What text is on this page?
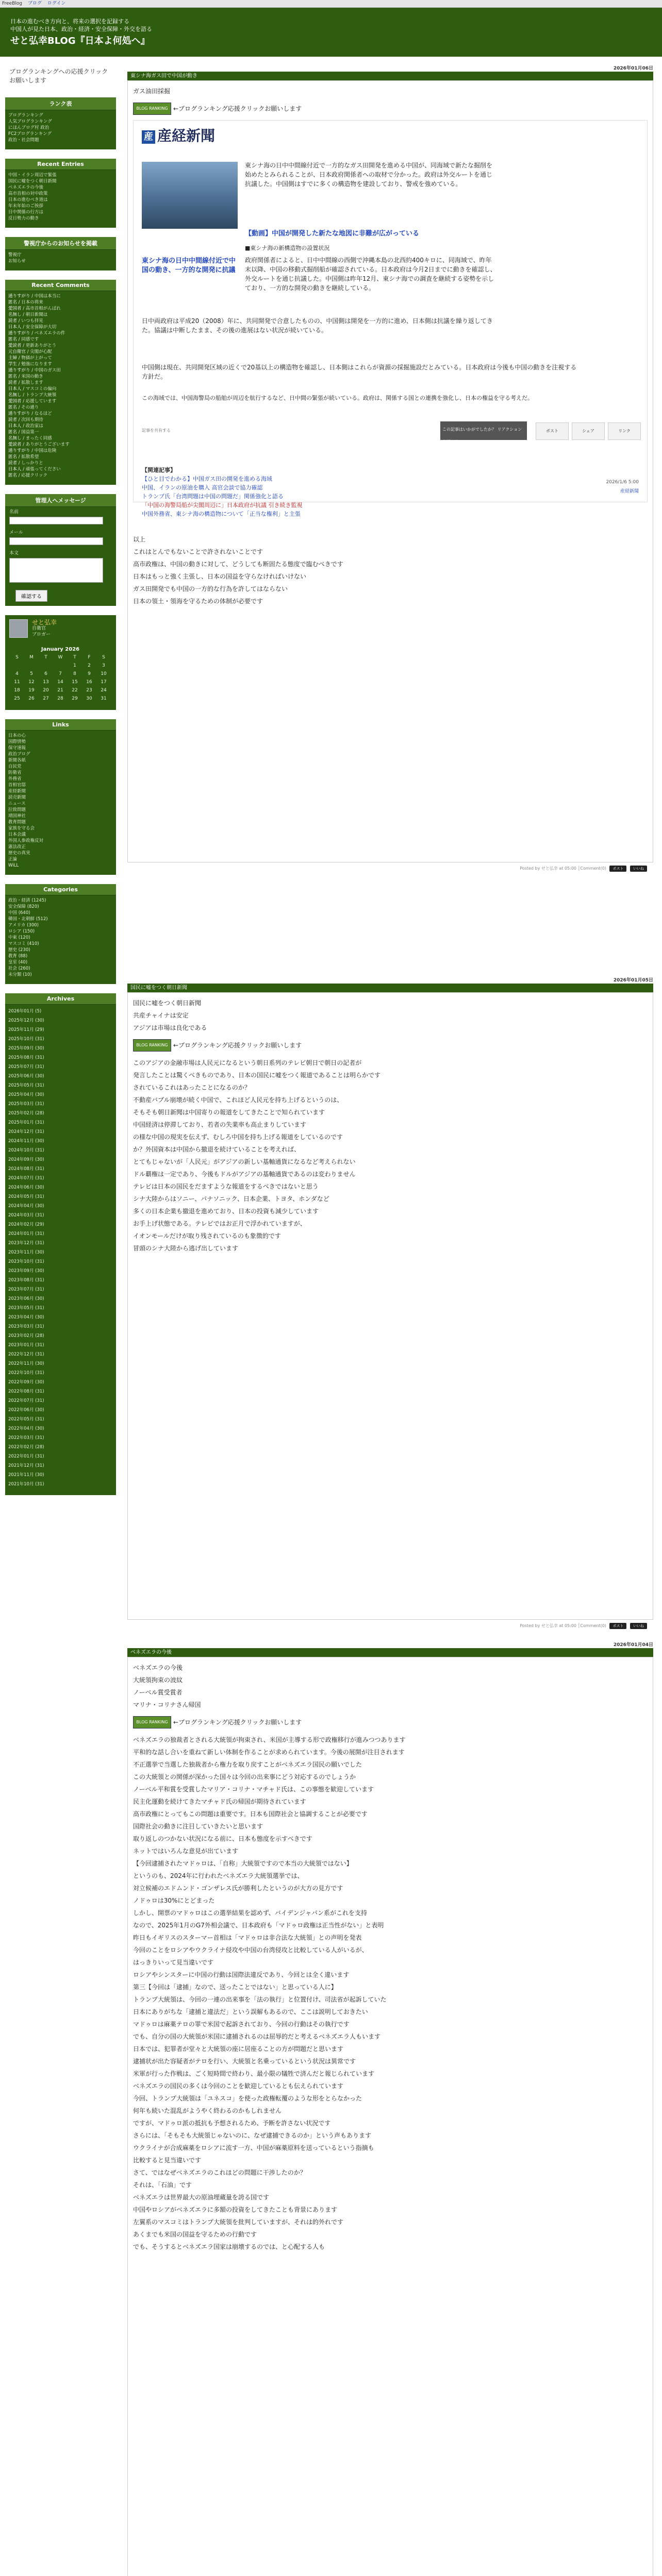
FreeBlog ブログ ログイン
日本の進むべき方向と、将来の選択を記録する
中国人が見た日本、政治・経済・安全保障・外交を語る
せと弘幸BLOG『日本よ何処へ』
ブログランキングへの応援クリックお願いします
ランク表
ブログランキング
人気ブログランキング
にほんブログ村 政治
FC2ブログランキング
政治・社会問題
Recent Entries
中国・イラン周辺で緊張
国民に嘘をつく朝日新聞
ベネズエラの今後
高市首相の対中政策
日本の進むべき道は
年末年始のご挨拶
日中関係の行方は
反日勢力の動き
警視庁からのお知らせを掲載
警視庁
お知らせ
Recent Comments
通りすがり / 中国は本当に
匿名 / 日本の将来
愛国者 / 高市首相がんばれ
名無し / 朝日新聞は
読者 / いつも拝見
日本人 / 安全保障が大切
通りすがり / ベネズエラの件
匿名 / 同感です
愛読者 / 更新ありがとう
元自衛官 / 尖閣が心配
主婦 / 物価が上がって
学生 / 勉強になります
通りすがり / 中国のガス田
匿名 / 米国の動き
読者 / 拡散します
日本人 / マスコミの偏向
名無し / トランプ大統領
愛国者 / 応援しています
匿名 / その通り
通りすがり / なるほど
読者 / 次回も期待
日本人 / 政治家は
匿名 / 国益第一
名無し / まったく同感
愛読者 / ありがとうございます
通りすがり / 中国は危険
匿名 / 拡散希望
読者 / しっかりと
日本人 / 頑張ってください
匿名 / 応援クリック
管理人へメッセージ
名前
メール
本文
確認する
せと弘幸
自衛官
ブロガー
January 2026						
S	M	T	W	T	F	S
				1	2	3
4	5	6	7	8	9	10
11	12	13	14	15	16	17
18	19	20	21	22	23	24
25	26	27	28	29	30	31
Links
日本の心
国際情勢
保守速報
政治ブログ
新聞各紙
自民党
防衛省
外務省
首相官邸
産経新聞
読売新聞
ニュース
拉致問題
靖国神社
教育問題
家族を守る会
日本会議
外国人参政権反対
憲法改正
歴史の真実
正論
WiLL
Categories
政治・経済 (1245)
安全保障 (820)
中国 (640)
韓国・北朝鮮 (512)
アメリカ (300)
ロシア (150)
中東 (120)
マスコミ (410)
歴史 (230)
教育 (88)
皇室 (40)
社会 (260)
未分類 (10)
Archives
2026年01月 (5)
2025年12月 (30)
2025年11月 (29)
2025年10月 (31)
2025年09月 (30)
2025年08月 (31)
2025年07月 (31)
2025年06月 (30)
2025年05月 (31)
2025年04月 (30)
2025年03月 (31)
2025年02月 (28)
2025年01月 (31)
2024年12月 (31)
2024年11月 (30)
2024年10月 (31)
2024年09月 (30)
2024年08月 (31)
2024年07月 (31)
2024年06月 (30)
2024年05月 (31)
2024年04月 (30)
2024年03月 (31)
2024年02月 (29)
2024年01月 (31)
2023年12月 (31)
2023年11月 (30)
2023年10月 (31)
2023年09月 (30)
2023年08月 (31)
2023年07月 (31)
2023年06月 (30)
2023年05月 (31)
2023年04月 (30)
2023年03月 (31)
2023年02月 (28)
2023年01月 (31)
2022年12月 (31)
2022年11月 (30)
2022年10月 (31)
2022年09月 (30)
2022年08月 (31)
2022年07月 (31)
2022年06月 (30)
2022年05月 (31)
2022年04月 (30)
2022年03月 (31)
2022年02月 (28)
2022年01月 (31)
2021年12月 (31)
2021年11月 (30)
2021年10月 (31)
2026年01月06日
東シナ海ガス田で中国が動き
ガス油田採掘
BLOG RANKING ←ブログランキング応援クリックお願いします
産 産経新聞
東シナ海の日中中間線付近で一方的なガス田開発を進める中国が、同海域で新たな掘削を始めたとみられることが、日本政府関係者への取材で分かった。政府は外交ルートを通じ抗議した。中国側はすでに多くの構造物を建設しており、警戒を強めている。
【動画】中国が開発した新たな地図に非難が広がっている
■東シナ海の新構造物の設置状況
東シナ海の日中中間線付近で中国の動き、一方的な開発に抗議
政府関係者によると、日中中間線の西側で沖縄本島の北西約400キロに、同海域で、昨年末以降、中国の移動式掘削船が確認されている。日本政府は今月2日までに動きを確認し、外交ルートを通じ抗議した。中国側は昨年12月、東シナ海での調査を継続する姿勢を示しており、一方的な開発の動きを継続している。
日中両政府は平成20（2008）年に、共同開発で合意したものの、中国側は開発を一方的に進め、日本側は抗議を繰り返してきた。協議は中断したまま、その後の進展はない状況が続いている。
中国側は現在、共同開発区域の近くで20基以上の構造物を確認し、日本側はこれらが資源の採掘施設だとみている。日本政府は今後も中国の動きを注視する方針だ。
この海域では、中国海警局の船舶が周辺を航行するなど、日中間の緊張が続いている。政府は、関係する国との連携を強化し、日本の権益を守る考えだ。
記事を共有する	この記事はいかがでしたか？ リアクションを送ろう
ポスト	シェア	リンク
【関連記事】
【ひと目でわかる】中国ガス田の開発を進める海域
中国、イランの原油を購入 高官会談で協力確認
トランプ氏「台湾問題は中国の問題だ」関係強化と語る
「中国の海警局船が尖閣周辺に」日本政府が抗議 引き続き監視
中国外務省、東シナ海の構造物について「正当な権利」と主張
2026/1/6 5:00
産経新聞
以上
これはとんでもないことで許されないことです
高市政権は、中国の動きに対して、どうしても断固たる態度で臨むべきです
日本はもっと強く主張し、日本の国益を守らなければいけない
ガス田開発でも中国の一方的な行為を許してはならない
日本の領土・領海を守るための体制が必要です
Posted by せと弘幸 at 05:00 │Comment(0) ポスト	いいね
2026年01月05日
国民に嘘をつく朝日新聞
国民に嘘をつく朝日新聞
共産チャイナは安定
アジアは市場は良化である
BLOG RANKING ←ブログランキング応援クリックお願いします
このアジアの金融市場は人民元になるという朝日系列のテレビ朝日で朝日の記者が
発言したことは驚くべきものであり、日本の国民に嘘をつく報道であることは明らかです
されているこれはあったことになるのか？
不動産バブル崩壊が続く中国で、これほど人民元を持ち上げるというのは、
そもそも朝日新聞は中国寄りの報道をしてきたことで知られています
中国経済は停滞しており、若者の失業率も高止まりしています
の様な中国の現実を伝えず、むしろ中国を持ち上げる報道をしているのです
か？外国資本は中国から撤退を続けていることを考えれば、
とてもじゃないが「人民元」がアジアの新しい基軸通貨になるなど考えられない
ドル覇権は一定であり、今後もドルがアジアの基軸通貨であるのは変わりません
テレビは日本の国民をだますような報道をするべきではないと思う
シナ大陸からはソニー、パナソニック、日本企業、トヨタ、ホンダなど
多くの日本企業も撤退を進めており、日本の投資も減少しています
お手上げ状態である。テレビではお正月で浮かれていますが、
イオンモールだけが取り残されているのも象徴的です
冒頭のシナ大陸から逃げ出しています
Posted by せと弘幸 at 05:00 │Comment(0) ポスト	いいね
2026年01月04日
ベネズエラの今後
ベネズエラの今後
大統領拘束の波紋
ノーベル賞受賞者
マリナ・コリナさん帰国
BLOG RANKING ←ブログランキング応援クリックお願いします
ベネズエラの独裁者とされる大統領が拘束され、米国が主導する形で政権移行が進みつつあります
平和的な話し合いを重ねて新しい体制を作ることが求められています。今後の展開が注目されます
不正選挙で当選した独裁者から権力を取り戻すことがベネズエラ国民の願いでした
この大統領との関係が深かった国々は今回の出来事にどう対応するのでしょうか
ノーベル平和賞を受賞したマリア・コリナ・マチャド氏は、この事態を歓迎しています
民主化運動を続けてきたマチャド氏の帰国が期待されています
高市政権にとってもこの問題は重要です。日本も国際社会と協調することが必要です
国際社会の動きに注目していきたいと思います
取り返しのつかない状況になる前に、日本も態度を示すべきです
ネットではいろんな意見が出ています
【今回逮捕されたマドゥロは、「自称」大統領ですので本当の大統領ではない】
というのも、2024年に行われたベネズエラ大統領選挙では、
対立候補のエドムンド・ゴンザレス氏が勝利したというのが大方の見方です
ノドゥロは30%にとどまった
しかし、開票のマドゥロはこの選挙結果を認めず、バイデンジャパン系がこれを支持
なので、2025年1月のG7外相会議で、日本政府も「マドゥロ政権は正当性がない」と表明
昨日もイギリスのスターマー首相は「マドゥロは非合法な大統領」との声明を発表
今回のことをロシアやウクライナ侵攻や中国の台湾侵攻と比較している人がいるが、
はっきりいって見当違いです
ロシアやシンスターに中国の行動は国際法違反であり、今回とは全く違います
第三【今回は「逮捕」なので、送ったことではない」と思っている人に】
トランプ大統領は、今回の一連の出来事を「法の執行」と位置付け、司法省が起訴していた
日本にありがちな「逮捕と違法だ」という誤解もあるので、ここは説明しておきたい
マドゥロは麻薬テロの罪で米国で起訴されており、今回の行動はその執行です
でも、自分の国の大統領が米国に逮捕されるのは屈辱的だと考えるベネズエラ人もいます
日本では、犯罪者が堂々と大統領の座に居座ることの方が問題だと思います
逮捕状が出た容疑者がテロを行い、大統領と名乗っているという状況は異常です
米軍が行った作戦は、ごく短時間で終わり、最小限の犠牲で済んだと報じられています
ベネズエラの国民の多くは今回のことを歓迎しているとも伝えられています
今回、トランプ大統領は「ユネスコ」を使った政権転覆のような形をとらなかった
何年も続いた混乱がようやく終わるのかもしれません
ですが、マドゥロ派の抵抗も予想されるため、予断を許さない状況です
さらには、「そもそも大統領じゃないのに、なぜ逮捕できるのか」という声もあります
ウクライナが合成麻薬をロシアに流す一方、中国が麻薬原料を送っているという指摘も
比較すると見当違いです
さて、ではなぜベネズエラのこれほどの問題に干渉したのか？
それは、「石油」です
ベネズエラは世界最大の原油埋蔵量を誇る国です
中国やロシアがベネズエラに多額の投資をしてきたことも背景にあります
左翼系のマスコミはトランプ大統領を批判していますが、それは的外れです
あくまでも米国の国益を守るための行動です
でも、そうするとベネズエラ国家は崩壊するのでは、と心配する人も
